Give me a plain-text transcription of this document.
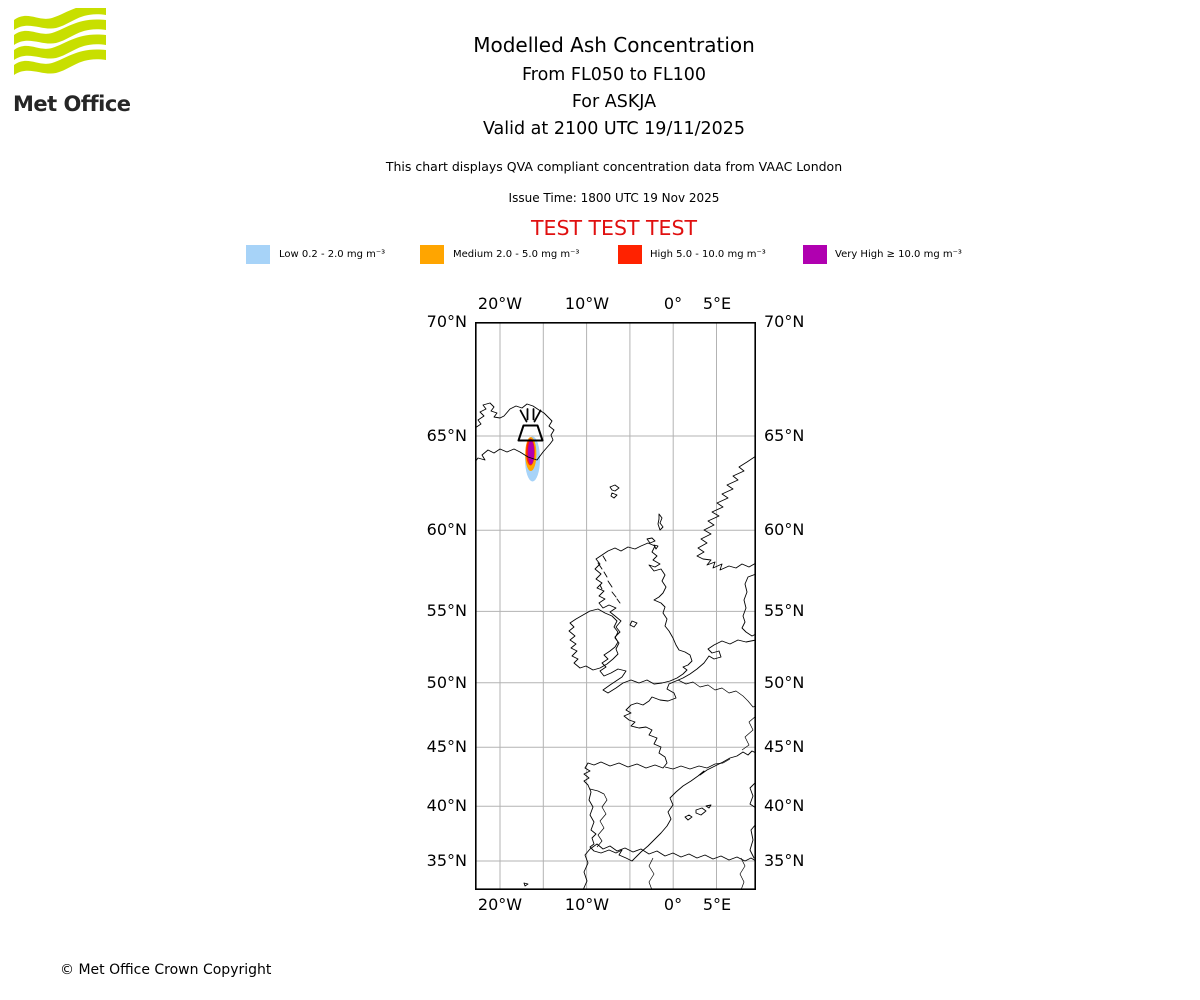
Met Office
Modelled Ash Concentration
From FL050 to FL100
For ASKJA
Valid at 2100 UTC 19/11/2025
This chart displays QVA compliant concentration data from VAAC London
Issue Time: 1800 UTC 19 Nov 2025
TEST TEST TEST
Low 0.2 - 2.0 mg m⁻³	Medium 2.0 - 5.0 mg m⁻³	High 5.0 - 10.0 mg m⁻³	Very High ≥ 10.0 mg m⁻³
20°W	10°W	0°	5°E
20°W	10°W	0°	5°E
70°N
65°N
60°N
55°N
50°N
45°N
40°N
35°N
70°N
65°N
60°N
55°N
50°N
45°N
40°N
35°N
© Met Office Crown Copyright
